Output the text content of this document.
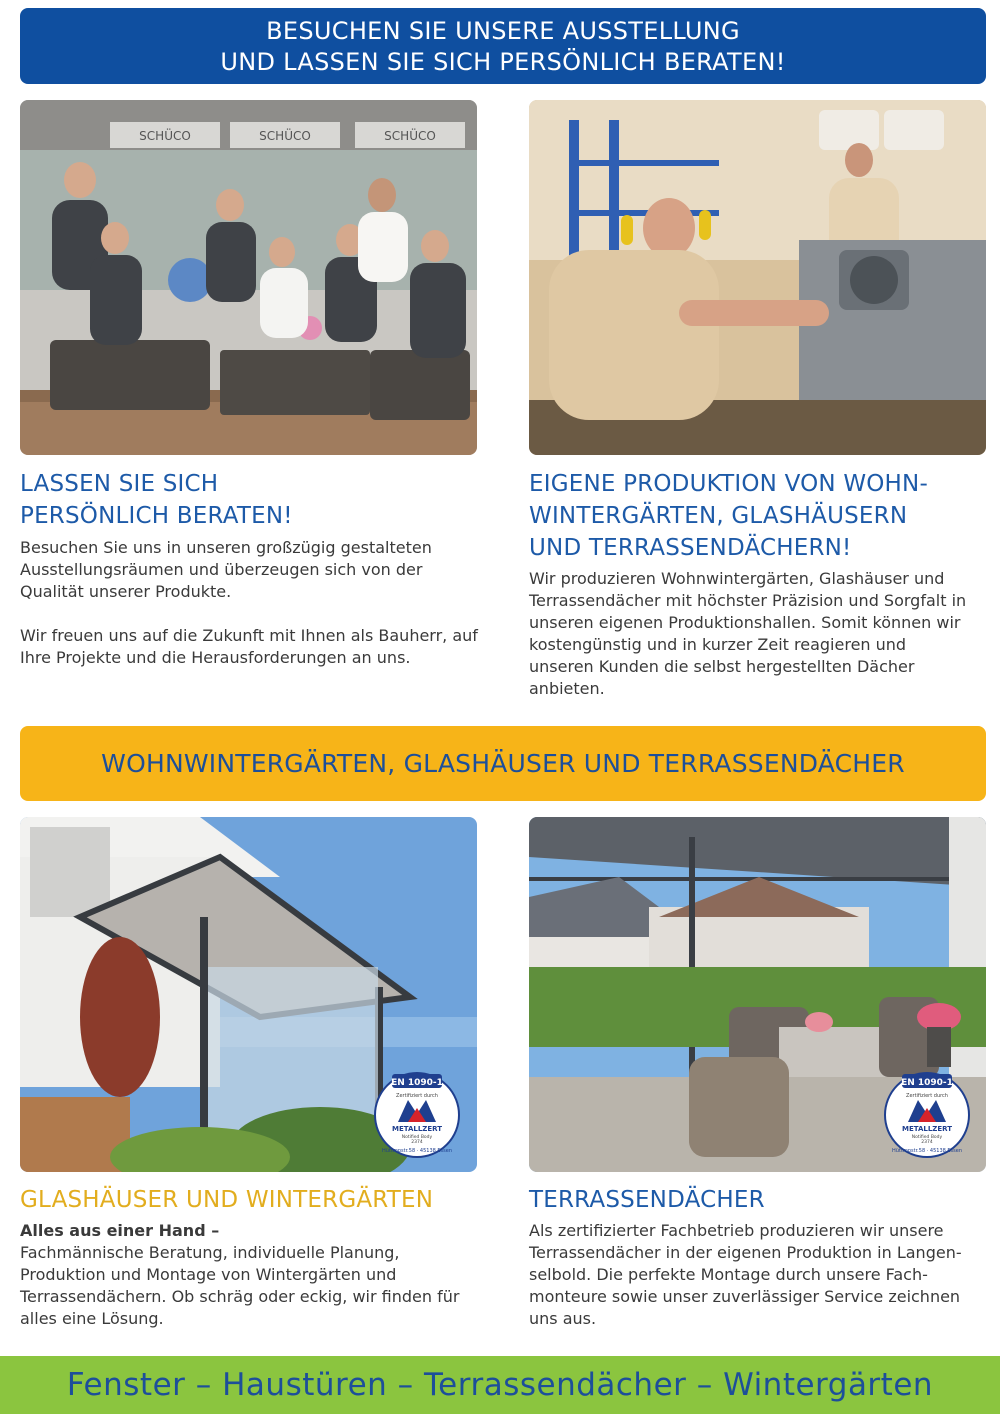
BESUCHEN SIE UNSERE AUSSTELLUNG
UND LASSEN SIE SICH PERSÖNLICH BERATEN!
SCHÜCO	SCHÜCO	SCHÜCO
LASSEN SIE SICH
PERSÖNLICH BERATEN!

Besuchen Sie uns in unseren großzügig gestalteten Ausstellungsräumen und überzeugen sich von der Qualität unserer Produkte.

Wir freuen uns auf die Zukunft mit Ihnen als Bauherr, auf Ihre Projekte und die Herausforderungen an uns.

EIGENE PRODUKTION VON WOHN-
WINTERGÄRTEN, GLASHÄUSERN
UND TERRASSENDÄCHERN!

Wir produzieren Wohnwintergärten, Glashäuser und Terrassendächer mit höchster Präzision und Sorgfalt in unseren eigenen Produktionshallen. Somit können wir kostengünstig und in kurzer Zeit reagieren und unseren Kunden die selbst hergestellten Dächer anbieten.

WOHNWINTERGÄRTEN, GLASHÄUSER UND TERRASSENDÄCHER
EN 1090-1
Zertifiziert durch
METALLZERT
Notified Body
2374
Hüttropstr.58 · 45138 Essen
EN 1090-1
Zertifiziert durch
METALLZERT
Notified Body
2374
Hüttropstr.58 · 45138 Essen
GLASHÄUSER UND WINTERGÄRTEN

Alles aus einer Hand –

Fachmännische Beratung, individuelle Planung, Produktion und Montage von Wintergärten und Terrassendächern. Ob schräg oder eckig, wir finden für alles eine Lösung.

TERRASSENDÄCHER

Als zertifizierter Fachbetrieb produzieren wir unsere Terrassendächer in der eigenen Produktion in Langen-selbold. Die perfekte Montage durch unsere Fach-monteure sowie unser zuverlässiger Service zeichnen uns aus.

Fenster – Haustüren – Terrassendächer – Wintergärten
